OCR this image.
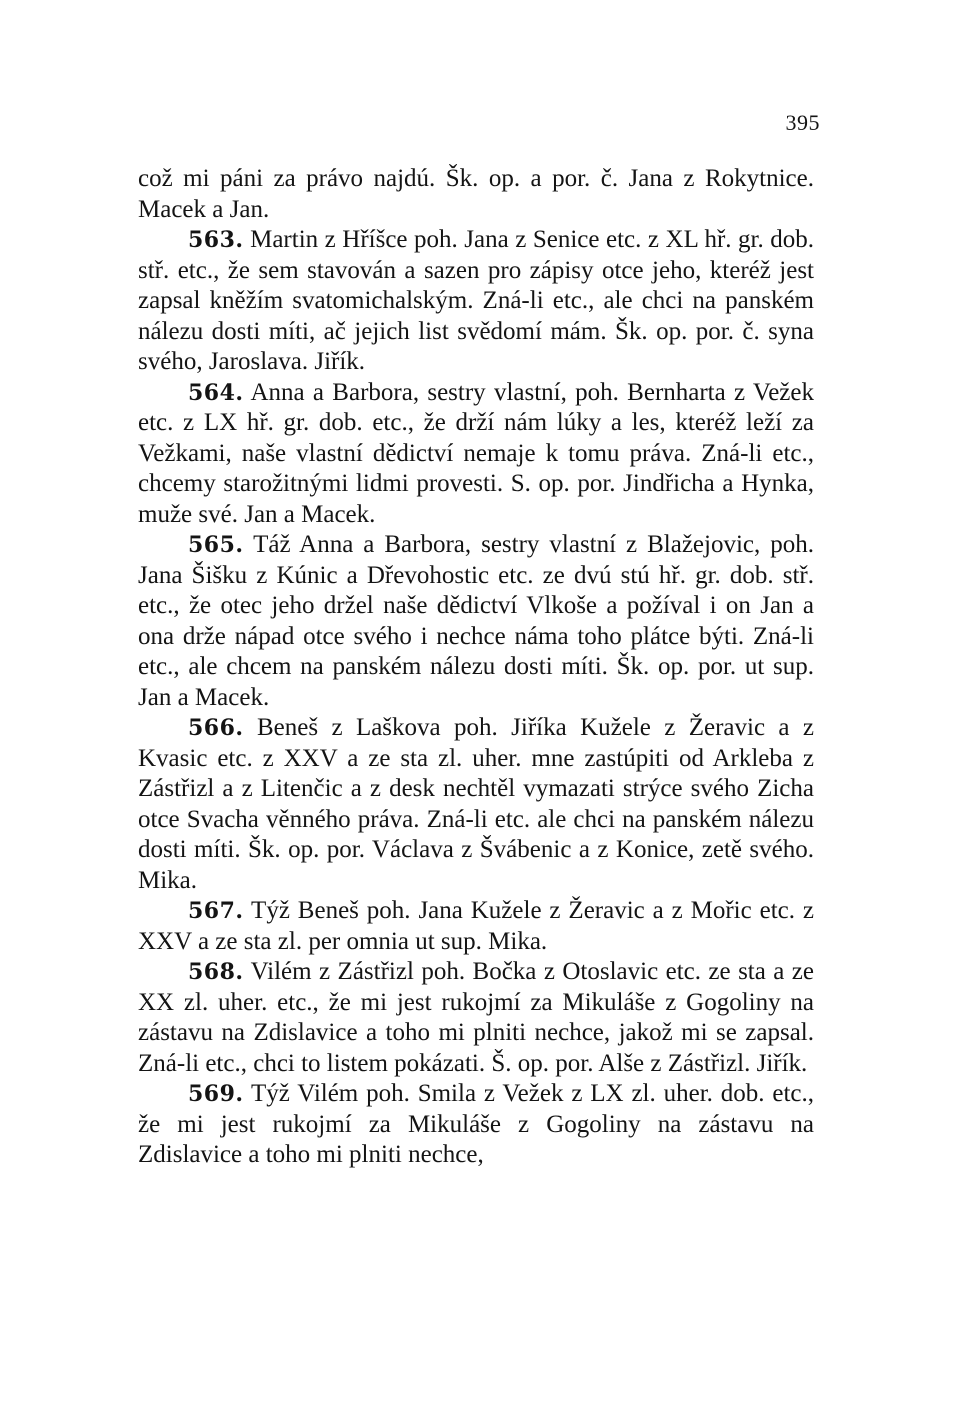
395

což mi páni za právo najdú. Šk. op. a por. č. Jana z Rokytnice. Macek a Jan.

563. Martin z Hříšce poh. Jana z Senice etc. z XL hř. gr. dob. stř. etc., že sem stavován a sazen pro zápisy otce jeho, kteréž jest zapsal kněžím svatomichalským. Zná-li etc., ale chci na panském nálezu dosti míti, ač jejich list svědomí mám. Šk. op. por. č. syna svého, Jaroslava. Jiřík.

564. Anna a Barbora, sestry vlastní, poh. Bernharta z Vežek etc. z LX hř. gr. dob. etc., že drží nám lúky a les, kteréž leží za Vežkami, naše vlastní dědictví nemaje k tomu práva. Zná-li etc., chcemy starožitnými lidmi provesti. S. op. por. Jindřicha a Hynka, muže své. Jan a Macek.

565. Táž Anna a Barbora, sestry vlastní z Blažejovic, poh. Jana Šišku z Kúnic a Dřevohostic etc. ze dvú stú hř. gr. dob. stř. etc., že otec jeho držel naše dědictví Vlkoše a požíval i on Jan a ona drže nápad otce svého i nechce náma toho plátce býti. Zná-li etc., ale chcem na panském nálezu dosti míti. Šk. op. por. ut sup. Jan a Macek.

566. Beneš z Laškova poh. Jiříka Kužele z Žeravic a z Kvasic etc. z XXV a ze sta zl. uher. mne zastúpiti od Arkleba z Zástřizl a z Litenčic a z desk nechtěl vymazati strýce svého Zicha otce Svacha věnného práva. Zná-li etc. ale chci na panském nálezu dosti míti. Šk. op. por. Václava z Švábenic a z Konice, zetě svého. Mika.

567. Týž Beneš poh. Jana Kužele z Žeravic a z Mořic etc. z XXV a ze sta zl. per omnia ut sup. Mika.

568. Vilém z Zástřizl poh. Bočka z Otoslavic etc. ze sta a ze XX zl. uher. etc., že mi jest rukojmí za Mikuláše z Gogoliny na zástavu na Zdislavice a toho mi plniti nechce, jakož mi se zapsal. Zná-li etc., chci to listem pokázati. Š. op. por. Alše z Zástřizl. Jiřík.

569. Týž Vilém poh. Smila z Vežek z LX zl. uher. dob. etc., že mi jest rukojmí za Mikuláše z Gogoliny na zástavu na Zdislavice a toho mi plniti nechce,
